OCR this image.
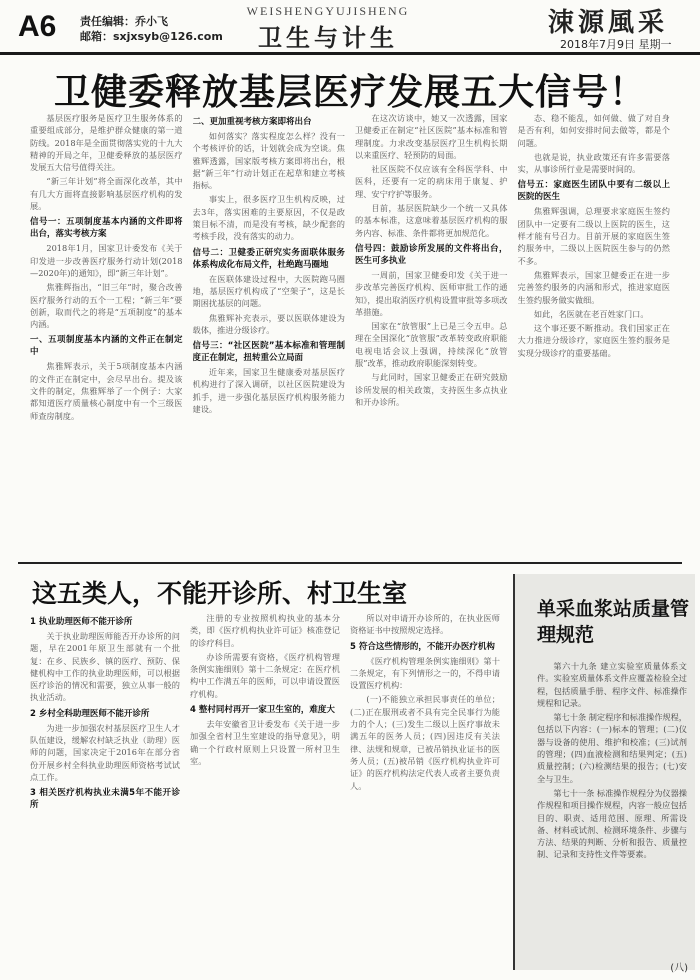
A6 责任编辑：乔小飞
邮箱：sxjxsyb@126.com
WEISHENGYUJISHENG
卫生与计生	涑源風采
2018年7月9日 星期一
卫健委释放基层医疗发展五大信号！

基层医疗服务是医疗卫生服务体系的重要组成部分，是维护群众健康的第一道防线。2018年是全面贯彻落实党的十九大精神的开局之年，卫健委释放的基层医疗发展五大信号值得关注。

“新三年计划”将全面深化改革，其中有几大方面将直接影响基层医疗机构的发展。

信号一：五项制度基本内涵的文件即将出台，落实考核方案

2018年1月，国家卫计委发布《关于印发进一步改善医疗服务行动计划(2018—2020年)的通知》，即“新三年计划”。

焦雅辉指出，“旧三年”时，聚合改善医疗服务行动的五个一工程；“新三年”要创新，取而代之的将是“五项制度”的基本内涵。

一、五项制度基本内涵的文件正在制定中

焦雅辉表示，关于5项制度基本内涵的文件正在制定中，会尽早出台。提及该文件的制定，焦雅辉举了一个例子：大家都知道医疗质量核心制度中有一个三级医师查房制度。

二、更加重视考核方案即将出台

如何落实？落实程度怎么样？没有一个考核评价的话，计划就会成为空谈。焦雅辉透露，国家版考核方案即将出台，根据“新三年”行动计划正在起草和建立考核指标。

事实上，很多医疗卫生机构反映，过去3年，落实困难的主要原因，不仅是政策目标不清，而是没有考核，缺少配套的考核手段，没有落实的动力。

信号二：卫健委正研究实务面联体服务体系构成化布局文件，杜绝跑马圈地

在医联体建设过程中，大医院跑马圈地，基层医疗机构成了“空架子”，这是长期困扰基层的问题。

焦雅辉补充表示，要以医联体建设为载体，推进分级诊疗。

信号三：“社区医院”基本标准和管理制度正在制定，扭转重公立局面

近年来，国家卫生健康委对基层医疗机构进行了深入调研，以社区医院建设为抓手，进一步强化基层医疗机构服务能力建设。

在这次访谈中，她又一次透露，国家卫健委正在制定“社区医院”基本标准和管理制度。力求改变基层医疗卫生机构长期以来重医疗、轻预防的局面。

社区医院不仅应该有全科医学科、中医科，还要有一定的病床用于康复、护理、安宁疗护等服务。

目前，基层医院缺少一个统一又具体的基本标准，这意味着基层医疗机构的服务内容、标准、条件都将更加规范化。

信号四：鼓励诊所发展的文件将出台，医生可多执业

一周前，国家卫健委印发《关于进一步改革完善医疗机构、医师审批工作的通知》，提出取消医疗机构设置审批等多项改革措施。

国家在“放管服”上已是三令五申。总理在全国深化“放管服”改革转变政府职能电视电话会议上强调，持续深化“放管服”改革，推动政府职能深刻转变。

与此同时，国家卫健委正在研究鼓励诊所发展的相关政策，支持医生多点执业和开办诊所。

态、稳不能乱，如何做、做了对自身是否有利，如何安排时间去做等，都是个问题。

也就是说，执业政策还有许多需要落实，从事诊所行业是需要时间的。

信号五：家庭医生团队中要有二级以上医院的医生

焦雅辉强调，总理要求家庭医生签约团队中一定要有二级以上医院的医生，这样才能有号召力。目前开展的家庭医生签约服务中，二级以上医院医生参与的仍然不多。

焦雅辉表示，国家卫健委正在进一步完善签约服务的内涵和形式，推进家庭医生签约服务做实做细。

如此，名医就在老百姓家门口。

这个事还要不断推动。我们国家正在大力推进分级诊疗，家庭医生签约服务是实现分级诊疗的重要基础。

这五类人，不能开诊所、村卫生室
1 执业助理医师不能开诊所

关于执业助理医师能否开办诊所的问题，早在2001年原卫生部就有一个批复：在乡、民族乡、镇的医疗、预防、保健机构中工作的执业助理医师，可以根据医疗诊治的情况和需要，独立从事一般的执业活动。

2 乡村全科助理医师不能开诊所

为进一步加强农村基层医疗卫生人才队伍建设，缓解农村缺乏执业（助理）医师的问题，国家决定于2016年在部分省份开展乡村全科执业助理医师资格考试试点工作。

3 相关医疗机构执业未满5年不能开诊所

注册的专业按照机构执业的基本分类，即《医疗机构执业许可证》核准登记的诊疗科目。

办诊所需要有资格，《医疗机构管理条例实施细则》第十二条规定：在医疗机构中工作满五年的医师，可以申请设置医疗机构。

4 整村同村再开一家卫生室的，难度大

去年安徽省卫计委发布《关于进一步加强全省村卫生室建设的指导意见》，明确一个行政村原则上只设置一所村卫生室。

所以对申请开办诊所的，在执业医师资格证书中按照规定选择。

5 符合这些情形的，不能开办医疗机构

《医疗机构管理条例实施细则》第十二条规定，有下列情形之一的，不得申请设置医疗机构：

(一)不能独立承担民事责任的单位；(二)正在服刑或者不具有完全民事行为能力的个人；(三)发生二级以上医疗事故未满五年的医务人员；(四)因违反有关法律、法规和规章，已被吊销执业证书的医务人员；(五)被吊销《医疗机构执业许可证》的医疗机构法定代表人或者主要负责人。

单采血浆站质量管理规范

第六十九条 建立实验室质量体系文件。实验室质量体系文件应覆盖检验全过程，包括质量手册、程序文件、标准操作规程和记录。

第七十条 制定程序和标准操作规程，包括以下内容：(一)标本的管理；(二)仪器与设备的使用、维护和校准；(三)试剂的管理；(四)血液检测和结果判定；(五)质量控制；(六)检测结果的报告；(七)安全与卫生。

第七十一条 标准操作规程分为仪器操作规程和项目操作规程，内容一般应包括目的、职责、适用范围、原理、所需设备、材料或试剂、检测环境条件、步骤与方法、结果的判断、分析和报告、质量控制、记录和支持性文件等要素。

(八)
